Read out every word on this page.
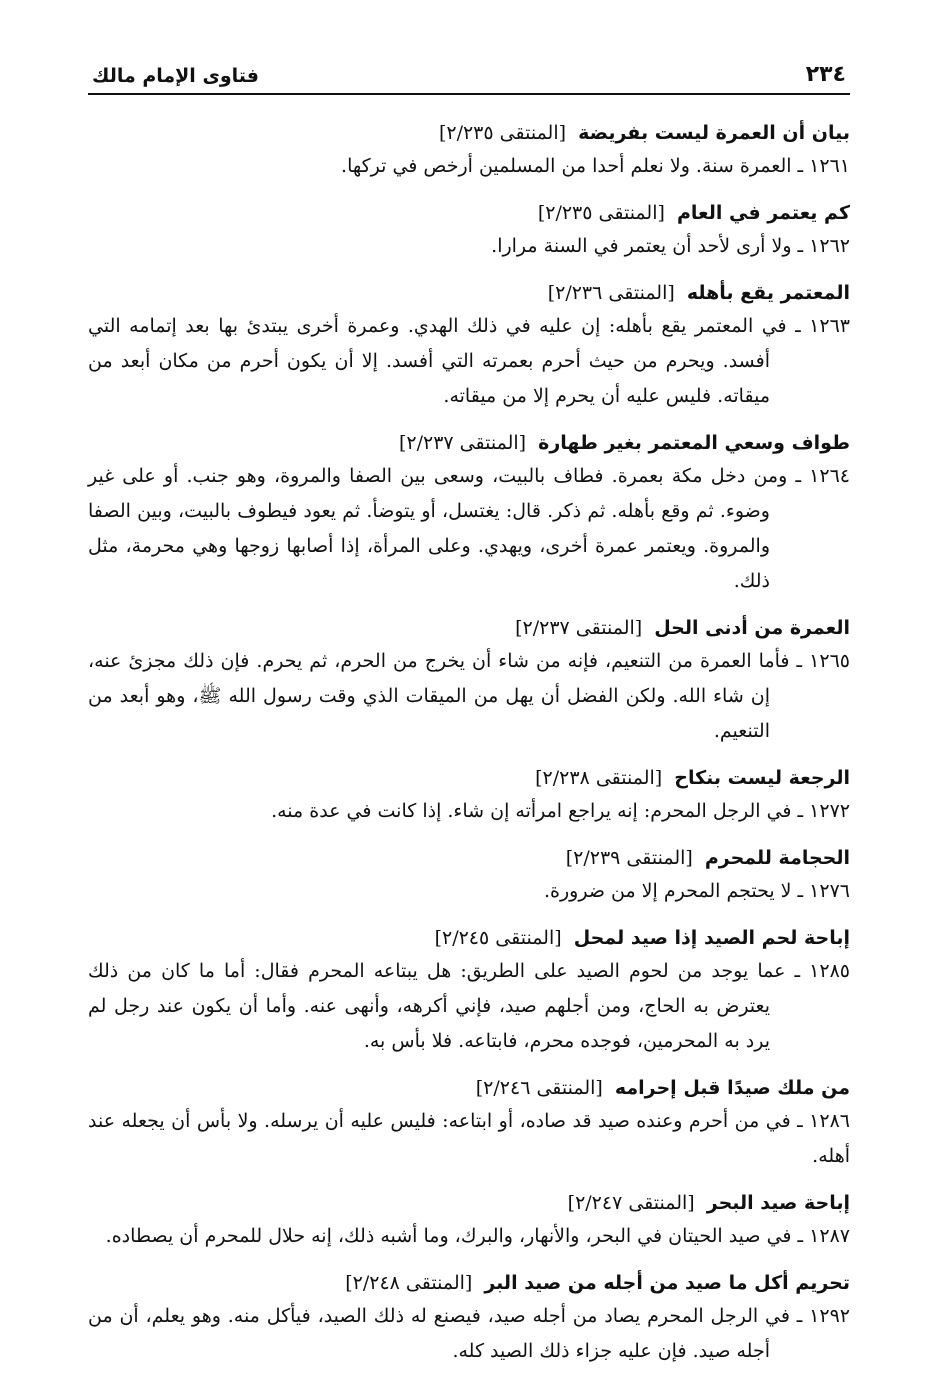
٢٣٤
فتاوى الإمام مالك

بيان أن العمرة ليست بفريضة [المنتقى ٢/٢٣٥]

١٢٦١ ـ العمرة سنة. ولا نعلم أحدا من المسلمين أرخص في تركها.

كم يعتمر في العام [المنتقى ٢/٢٣٥]

١٢٦٢ ـ ولا أرى لأحد أن يعتمر في السنة مرارا.

المعتمر يقع بأهله [المنتقى ٢/٢٣٦]

١٢٦٣ ـ في المعتمر يقع بأهله: إن عليه في ذلك الهدي. وعمرة أخرى يبتدئ بها بعد إتمامه التي أفسد. ويحرم من حيث أحرم بعمرته التي أفسد. إلا أن يكون أحرم من مكان أبعد من ميقاته. فليس عليه أن يحرم إلا من ميقاته.

طواف وسعي المعتمر بغير طهارة [المنتقى ٢/٢٣٧]

١٢٦٤ ـ ومن دخل مكة بعمرة. فطاف بالبيت، وسعى بين الصفا والمروة، وهو جنب. أو على غير وضوء. ثم وقع بأهله. ثم ذكر. قال: يغتسل، أو يتوضأ. ثم يعود فيطوف بالبيت، وبين الصفا والمروة. ويعتمر عمرة أخرى، ويهدي. وعلى المرأة، إذا أصابها زوجها وهي محرمة، مثل ذلك.

العمرة من أدنى الحل [المنتقى ٢/٢٣٧]

١٢٦٥ ـ فأما العمرة من التنعيم، فإنه من شاء أن يخرج من الحرم، ثم يحرم. فإن ذلك مجزئ عنه، إن شاء الله. ولكن الفضل أن يهل من الميقات الذي وقت رسول الله ﷺ، وهو أبعد من التنعيم.

الرجعة ليست بنكاح [المنتقى ٢/٢٣٨]

١٢٧٢ ـ في الرجل المحرم: إنه يراجع امرأته إن شاء. إذا كانت في عدة منه.

الحجامة للمحرم [المنتقى ٢/٢٣٩]

١٢٧٦ ـ لا يحتجم المحرم إلا من ضرورة.

إباحة لحم الصيد إذا صيد لمحل [المنتقى ٢/٢٤٥]

١٢٨٥ ـ عما يوجد من لحوم الصيد على الطريق: هل يبتاعه المحرم فقال: أما ما كان من ذلك يعترض به الحاج، ومن أجلهم صيد، فإني أكرهه، وأنهى عنه. وأما أن يكون عند رجل لم يرد به المحرمين، فوجده محرم، فابتاعه. فلا بأس به.

من ملك صيدًا قبل إحرامه [المنتقى ٢/٢٤٦]

١٢٨٦ ـ في من أحرم وعنده صيد قد صاده، أو ابتاعه: فليس عليه أن يرسله. ولا بأس أن يجعله عند أهله.

إباحة صيد البحر [المنتقى ٢/٢٤٧]

١٢٨٧ ـ في صيد الحيتان في البحر، والأنهار، والبرك، وما أشبه ذلك، إنه حلال للمحرم أن يصطاده.

تحريم أكل ما صيد من أجله من صيد البر [المنتقى ٢/٢٤٨]

١٢٩٢ ـ في الرجل المحرم يصاد من أجله صيد، فيصنع له ذلك الصيد، فيأكل منه. وهو يعلم، أن من أجله صيد. فإن عليه جزاء ذلك الصيد كله.
